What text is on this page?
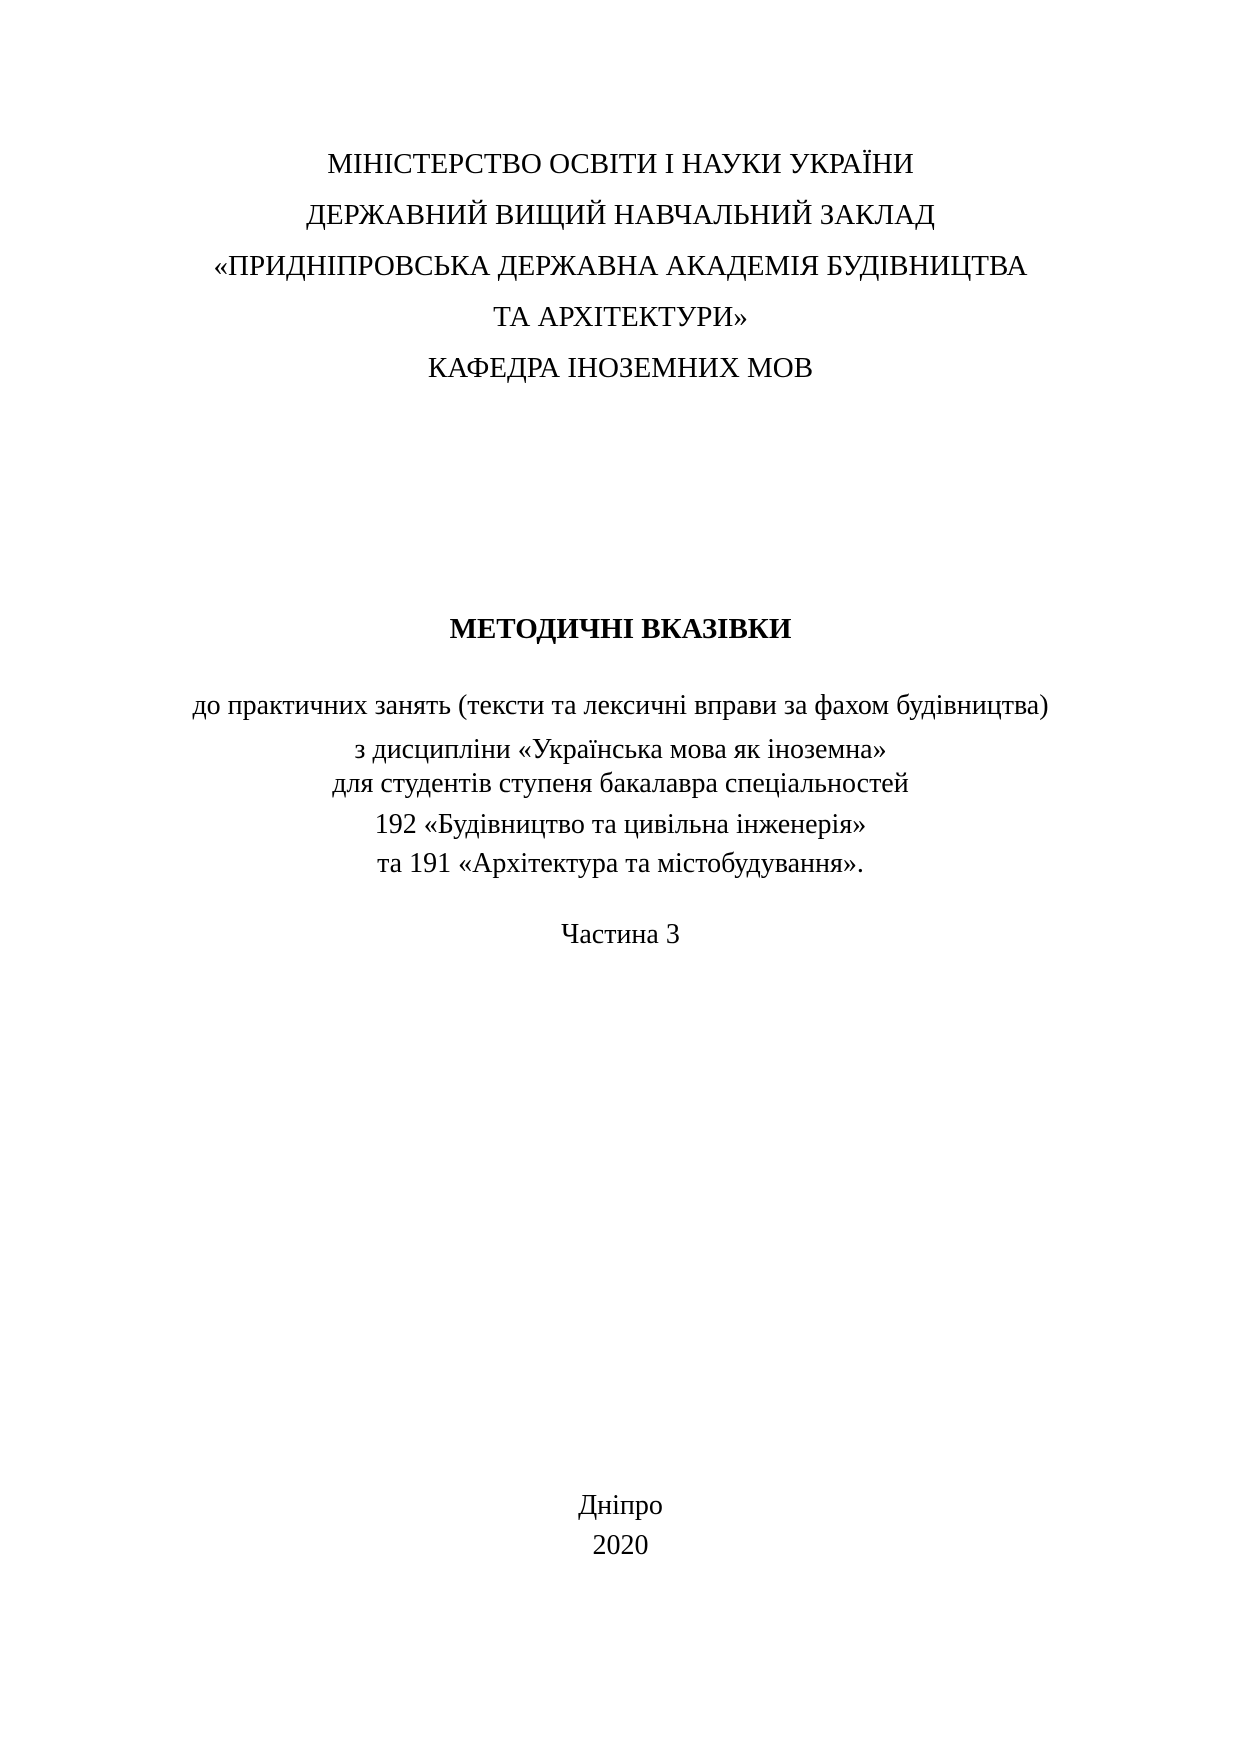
МІНІСТЕРСТВО ОСВІТИ І НАУКИ УКРАЇНИ
ДЕРЖАВНИЙ ВИЩИЙ НАВЧАЛЬНИЙ ЗАКЛАД
«ПРИДНІПРОВСЬКА ДЕРЖАВНА АКАДЕМІЯ БУДІВНИЦТВА
ТА АРХІТЕКТУРИ»
КАФЕДРА ІНОЗЕМНИХ МОВ
МЕТОДИЧНІ ВКАЗІВКИ
до практичних занять (тексти та лексичні вправи за фахом будівництва)
з дисципліни «Українська мова як іноземна»
для студентів ступеня бакалавра спеціальностей
192 «Будівництво та цивільна інженерія»
та 191 «Архітектура та містобудування».
Частина 3
Дніпро
2020
